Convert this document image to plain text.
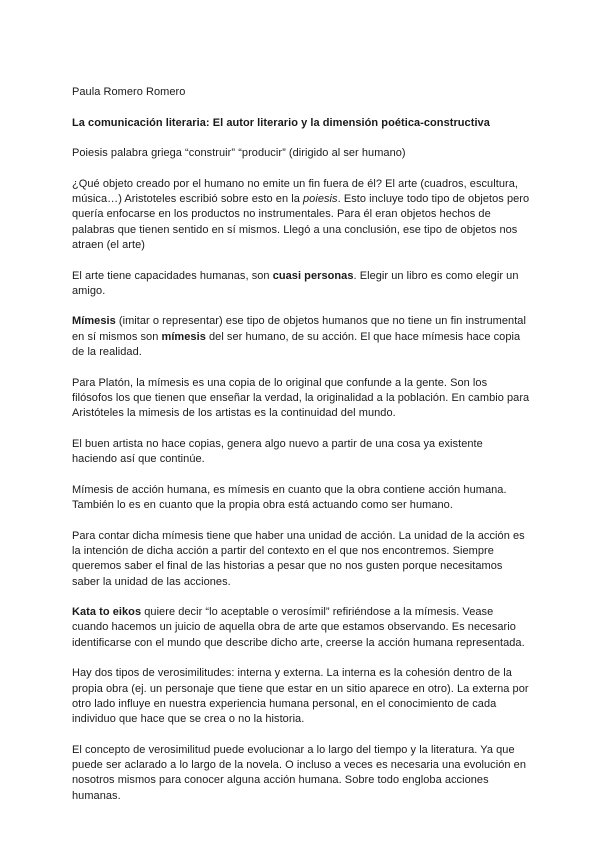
Paula Romero Romero

La comunicación literaria: El autor literario y la dimensión poética-constructiva

Poiesis palabra griega “construir” “producir” (dirigido al ser humano)

¿Qué objeto creado por el humano no emite un fin fuera de él? El arte (cuadros, escultura, música…) Aristoteles escribió sobre esto en la poiesis. Esto incluye todo tipo de objetos pero quería enfocarse en los productos no instrumentales. Para él eran objetos hechos de palabras que tienen sentido en sí mismos. Llegó a una conclusión, ese tipo de objetos nos atraen (el arte)

El arte tiene capacidades humanas, son cuasi personas. Elegir un libro es como elegir un amigo.

Mímesis (imitar o representar) ese tipo de objetos humanos que no tiene un fin instrumental en sí mismos son mímesis del ser humano, de su acción. El que hace mímesis hace copia de la realidad.

Para Platón, la mímesis es una copia de lo original que confunde a la gente. Son los filósofos los que tienen que enseñar la verdad, la originalidad a la población. En cambio para Aristóteles la mimesis de los artistas es la continuidad del mundo.

El buen artista no hace copias, genera algo nuevo a partir de una cosa ya existente haciendo así que continúe.

Mímesis de acción humana, es mímesis en cuanto que la obra contiene acción humana. También lo es en cuanto que la propia obra está actuando como ser humano.

Para contar dicha mímesis tiene que haber una unidad de acción. La unidad de la acción es la intención de dicha acción a partir del contexto en el que nos encontremos. Siempre queremos saber el final de las historias a pesar que no nos gusten porque necesitamos saber la unidad de las acciones.

Kata to eikos quiere decir “lo aceptable o verosímil” refiriéndose a la mímesis. Vease cuando hacemos un juicio de aquella obra de arte que estamos observando. Es necesario identificarse con el mundo que describe dicho arte, creerse la acción humana representada.

Hay dos tipos de verosimilitudes: interna y externa. La interna es la cohesión dentro de la propia obra (ej. un personaje que tiene que estar en un sitio aparece en otro). La externa por otro lado influye en nuestra experiencia humana personal, en el conocimiento de cada individuo que hace que se crea o no la historia.

El concepto de verosimilitud puede evolucionar a lo largo del tiempo y la literatura. Ya que puede ser aclarado a lo largo de la novela. O incluso a veces es necesaria una evolución en nosotros mismos para conocer alguna acción humana. Sobre todo engloba acciones humanas.
